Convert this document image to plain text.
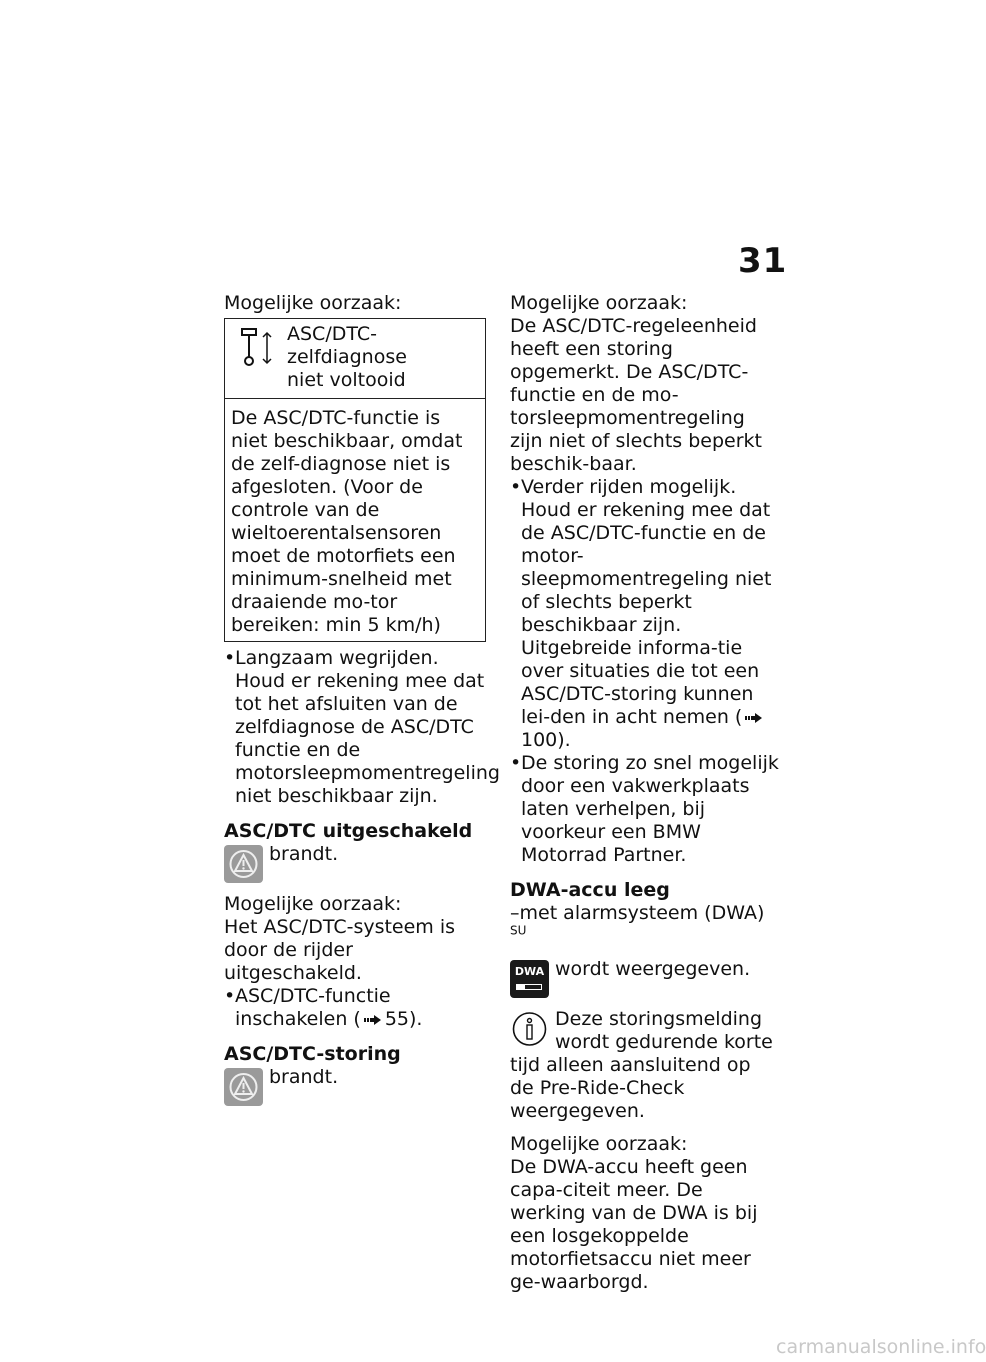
31

Mogelijke oorzaak:

ASC/DTC-zelfdiagnose
niet voltooid
De ASC/DTC-functie is niet beschikbaar, omdat de zelf-diagnose niet is afgesloten. (Voor de controle van de wieltoerentalsensoren moet de motorfiets een minimum-snelheid met draaiende mo-tor bereiken: min 5 km/h)

• Langzaam wegrijden. Houd er rekening mee dat tot het afsluiten van de zelfdiagnose de ASC/DTC functie en de motorsleepmomentregeling niet beschikbaar zijn.

ASC/DTC uitgeschakeld

brandt.

Mogelijke oorzaak:

Het ASC/DTC-systeem is door de rijder uitgeschakeld.

• ASC/DTC-functie inschakelen ( 55).

ASC/DTC-storing

brandt.

Mogelijke oorzaak:

De ASC/DTC-regeleenheid heeft een storing opgemerkt. De ASC/DTC-functie en de mo-torsleepmomentregeling zijn niet of slechts beperkt beschik-baar.

• Verder rijden mogelijk. Houd er rekening mee dat de ASC/DTC-functie en de motor-sleepmomentregeling niet of slechts beperkt beschikbaar zijn. Uitgebreide informa-tie over situaties die tot een ASC/DTC-storing kunnen lei-den in acht nemen (100).

• De storing zo snel mogelijk door een vakwerkplaats laten verhelpen, bij voorkeur een BMW Motorrad Partner.

DWA-accu leeg

–met alarmsysteem (DWA) $^{SU}$

DWA wordt weergegeven.
Deze storingsmelding wordt gedurende korte

tijd alleen aansluitend op de Pre-Ride-Check weergegeven.

Mogelijke oorzaak:

De DWA-accu heeft geen capa-citeit meer. De werking van de DWA is bij een losgekoppelde motorfietsaccu niet meer ge-waarborgd.

carmanualsonline.info
